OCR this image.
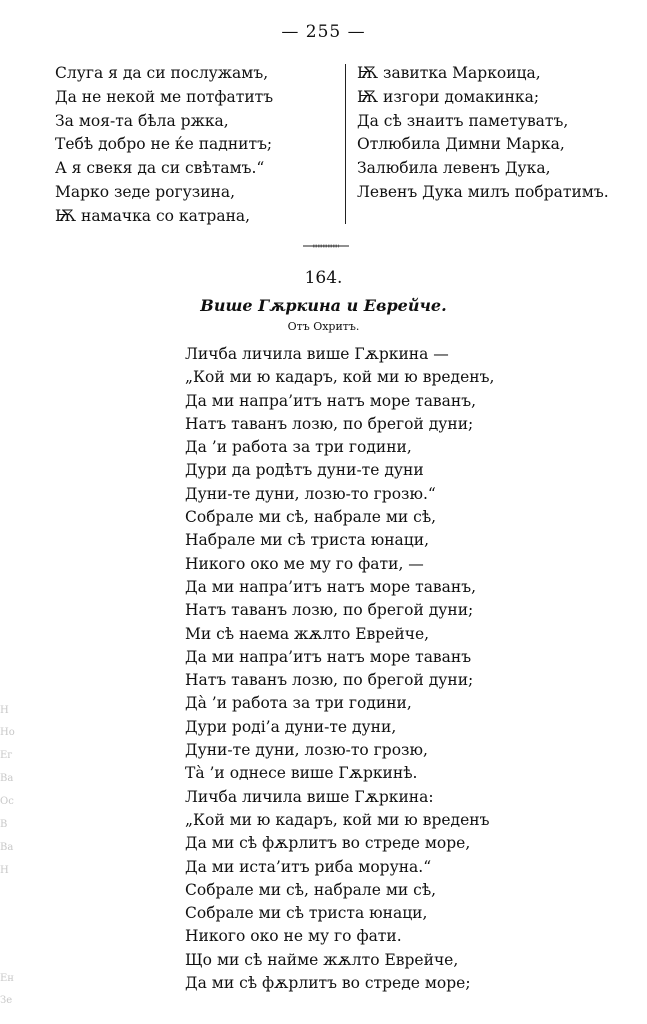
— 255 —
Слуга я да си послужамъ,
Да не некой ме потфатитъ
За моя-та бѣла ржка,
Тебѣ добро не ќе паднитъ;
А я свекя да си свѣтамъ.“
Марко зеде рогузина,
Ѭ намачка со катрана,
Ѭ завитка Маркоица,
Ѭ изгори домакинка;
Да сѣ знаитъ паметуватъ,
Отлюбила Димни Марка,
Залюбила левенъ Дука,
Левенъ Дука милъ побратимъ.
164.
Више Гѫркина и Еврейче.
Отъ Охритъ.
Личба личила више Гѫркина —
„Кой ми ю кадаръ, кой ми ю вреденъ,
Да ми напра’итъ натъ море таванъ,
Натъ таванъ лозю, по брегой дуни;
Да ’и работа за три години,
Дури да родѣтъ дуни-те дуни
Дуни-те дуни, лозю-то грозю.“
Собрале ми сѣ, набрале ми сѣ,
Набрале ми сѣ триста юнаци,
Никого око ме му го фати, —
Да ми напра’итъ натъ море таванъ,
Натъ таванъ лозю, по брегой дуни;
Ми сѣ наема жѫлто Еврейче,
Да ми напра’итъ натъ море таванъ
Натъ таванъ лозю, по брегой дуни;
Да̀ ’и работа за три години,
Дури роді’а дуни-те дуни,
Дуни-те дуни, лозю-то грозю,
Та̀ ’и однесе више Гѫркинѣ.
Личба личила више Гѫркина:
„Кой ми ю кадаръ, кой ми ю вреденъ
Да ми сѣ фѫрлитъ во стреде море,
Да ми иста’итъ риба моруна.“
Собрале ми сѣ, набрале ми сѣ,
Собрале ми сѣ триста юнаци,
Никого око не му го фати.
Що ми сѣ найме жѫлто Еврейче,
Да ми сѣ фѫрлитъ во стреде море;
Н
Но
Ег
Ва
Ос
В
Ва
Н
Ен
Зе
